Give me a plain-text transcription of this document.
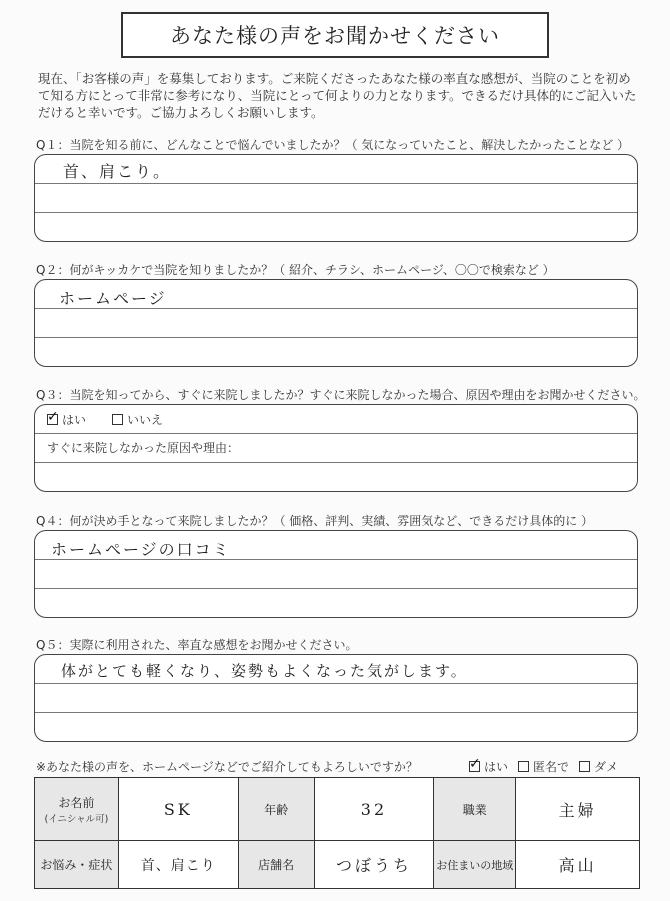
あなた様の声をお聞かせください

現在、「お客様の声」を募集しております。ご来院くださったあなた様の率直な感想が、当院のことを初めて知る方にとって非常に参考になり、当院にとって何よりの力となります。できるだけ具体的にご記入いただけると幸いです。ご協力よろしくお願いします。

Q１：当院を知る前に、どんなことで悩んでいましたか？（ 気になっていたこと、解決したかったことなど ）
首、肩こり。
Q２：何がキッカケで当院を知りましたか？（ 紹介、チラシ、ホームページ、〇〇で検索など ）
ホームページ
Q３：当院を知ってから、すぐに来院しましたか？すぐに来院しなかった場合、原因や理由をお聞かせください。
✓はい	いいえ
すぐに来院しなかった原因や理由：
Q４：何が決め手となって来院しましたか？（ 価格、評判、実績、雰囲気など、できるだけ具体的に ）
ホームページの口コミ
Q５：実際に利用された、率直な感想をお聞かせください。
体がとても軽くなり、姿勢もよくなった気がします。
※あなた様の声を、ホームページなどでご紹介してもよろしいですか？ ✓	はい	匿名で	ダメ
お名前
(イニシャル可)	SK	年齢	32	職業	主婦
お悩み・症状	首、肩こり	店舗名	つぼうち	お住まいの地域	高山
